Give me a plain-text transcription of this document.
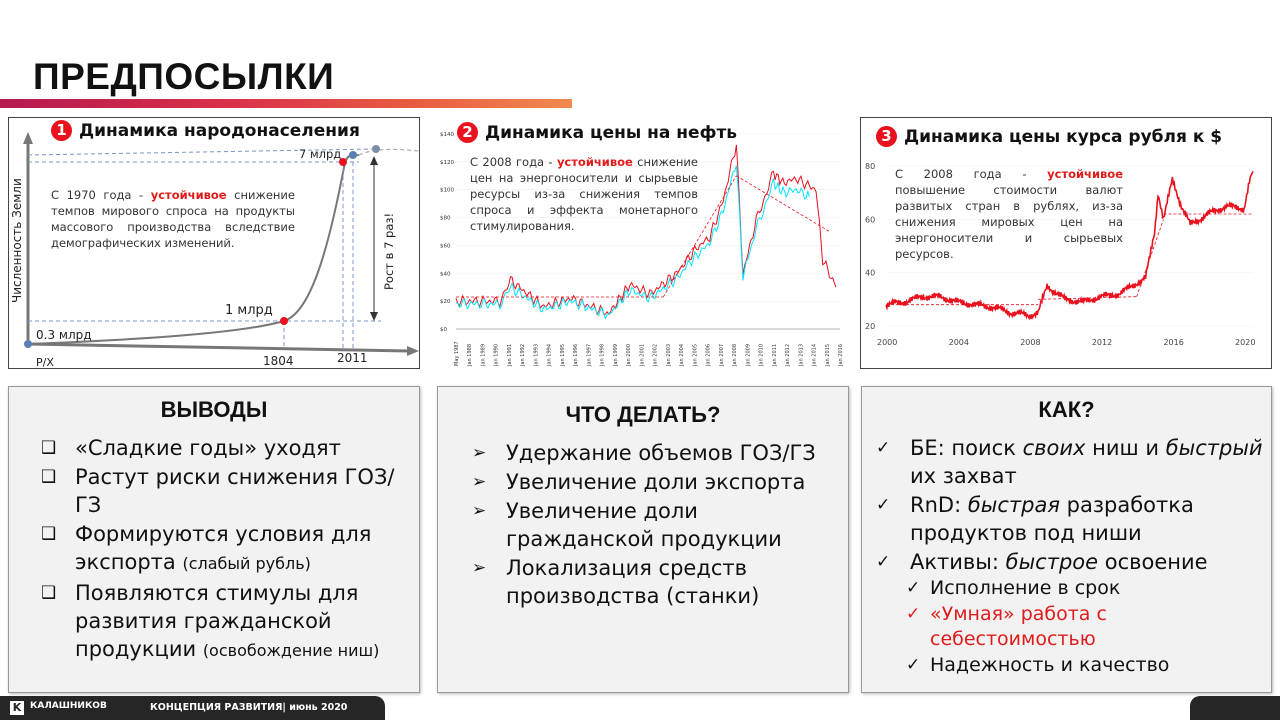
ПРЕДПОСЫЛКИ
Численность Земли
0.3 млрд
1 млрд
7 млрд
Р/Х	1804	2011
Рост в 7 раз!
1 Динамика народонаселения
С 1970 года - устойчивое снижение темпов мирового спроса на продукты массового производства вследствие демографических изменений.
$0
$20
$40
$60
$80
$100
$120
$140
May 1987 Jan 1988 Jan 1989 Jan 1990 Jan 1991 Jan 1992 Jan 1993 Jan 1994 Jan 1995 Jan 1996 Jan 1997 Jan 1998 Jan 1999 Jan 2000 Jan 2001 Jan 2002 Jan 2003 Jan 2004 Jan 2005 Jan 2006 Jan 2007 Jan 2008 Jan 2009 Jan 2010 Jan 2011 Jan 2012 Jan 2013 Jan 2014 Jan 2015 Jan 2016
2 Динамика цены на нефть
С 2008 года - устойчивое снижение цен на энергоносители и сырьевые ресурсы из-за снижения темпов спроса и эффекта монетарного стимулирования.
20
40
60
80
2000	2004	2008	2012	2016	2020
3 Динамика цены курса рубля к $
С 2008 года - устойчивое повышение стоимости валют развитых стран в рублях, из-за снижения мировых цен на энергоносители и сырьевых ресурсов.
ВЫВОДЫ
❑ «Сладкие годы» уходят
❑ Растут риски снижения ГОЗ/ГЗ
❑ Формируются условия для экспорта (слабый рубль)
❑ Появляются стимулы для развития гражданской продукции (освобождение ниш)
ЧТО ДЕЛАТЬ?
➢ Удержание объемов ГОЗ/ГЗ
➢ Увеличение доли экспорта
➢ Увеличение доли гражданской продукции
➢ Локализация средств производства (станки)
КАК?
✓ БЕ: поиск своих ниш и быстрый их захват
✓ RnD: быстрая разработка продуктов под ниши
✓ Активы: быстрое освоение
✓ Исполнение в срок
✓ «Умная» работа с себестоимостью
✓ Надежность и качество
K КАЛАШНИКОВ	КОНЦЕПЦИЯ РАЗВИТИЯ| июнь 2020
